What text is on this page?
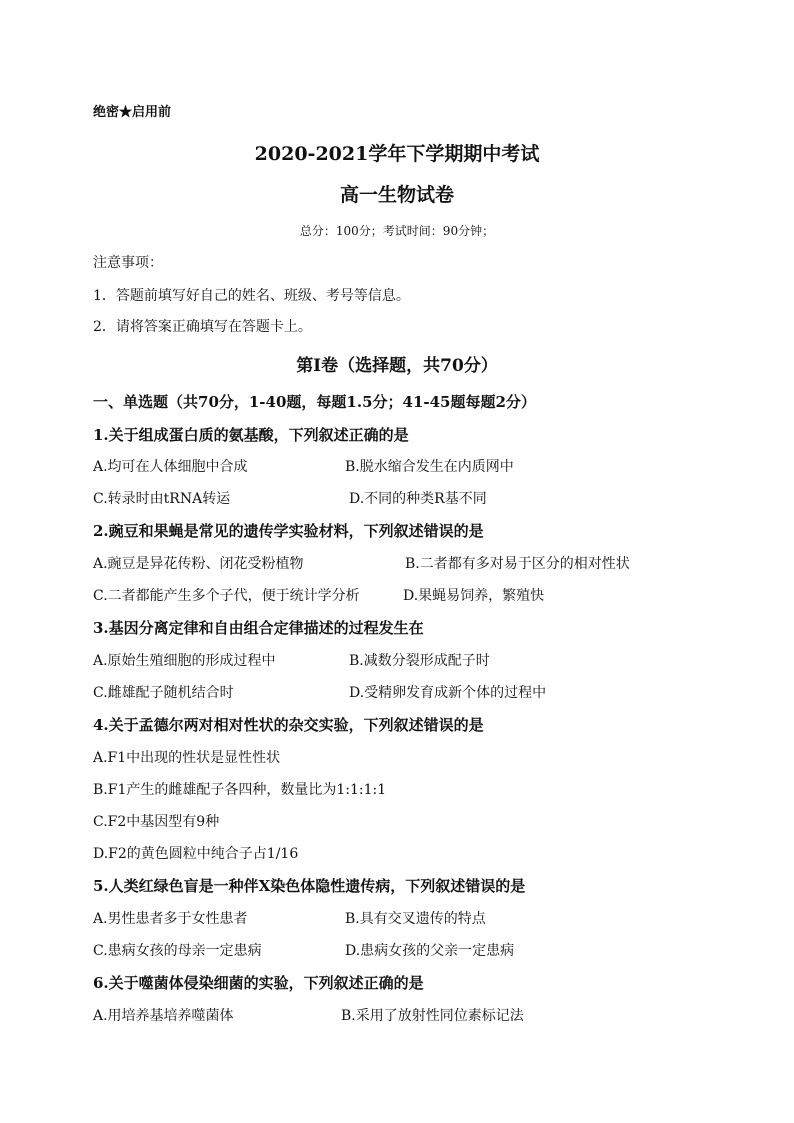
绝密★启用前
2020-2021学年下学期期中考试
高一生物试卷
总分：100分；考试时间：90分钟；
注意事项：
1．答题前填写好自己的姓名、班级、考号等信息。
2．请将答案正确填写在答题卡上。
第Ⅰ卷（选择题，共70分）
一、单选题（共70分，1-40题，每题1.5分；41-45题每题2分）
1.关于组成蛋白质的氨基酸，下列叙述正确的是
A.均可在人体细胞中合成	B.脱水缩合发生在内质网中
C.转录时由tRNA转运	D.不同的种类R基不同
2.豌豆和果蝇是常见的遗传学实验材料，下列叙述错误的是
A.豌豆是异花传粉、闭花受粉植物	B.二者都有多对易于区分的相对性状
C.二者都能产生多个子代，便于统计学分析	D.果蝇易饲养，繁殖快
3.基因分离定律和自由组合定律描述的过程发生在
A.原始生殖细胞的形成过程中	B.减数分裂形成配子时
C.雌雄配子随机结合时	D.受精卵发育成新个体的过程中
4.关于孟德尔两对相对性状的杂交实验，下列叙述错误的是
A.F1中出现的性状是显性性状
B.F1产生的雌雄配子各四种，数量比为1:1:1:1
C.F2中基因型有9种
D.F2的黄色圆粒中纯合子占1/16
5.人类红绿色盲是一种伴X染色体隐性遗传病，下列叙述错误的是
A.男性患者多于女性患者	B.具有交叉遗传的特点
C.患病女孩的母亲一定患病	D.患病女孩的父亲一定患病
6.关于噬菌体侵染细菌的实验，下列叙述正确的是
A.用培养基培养噬菌体	B.采用了放射性同位素标记法
